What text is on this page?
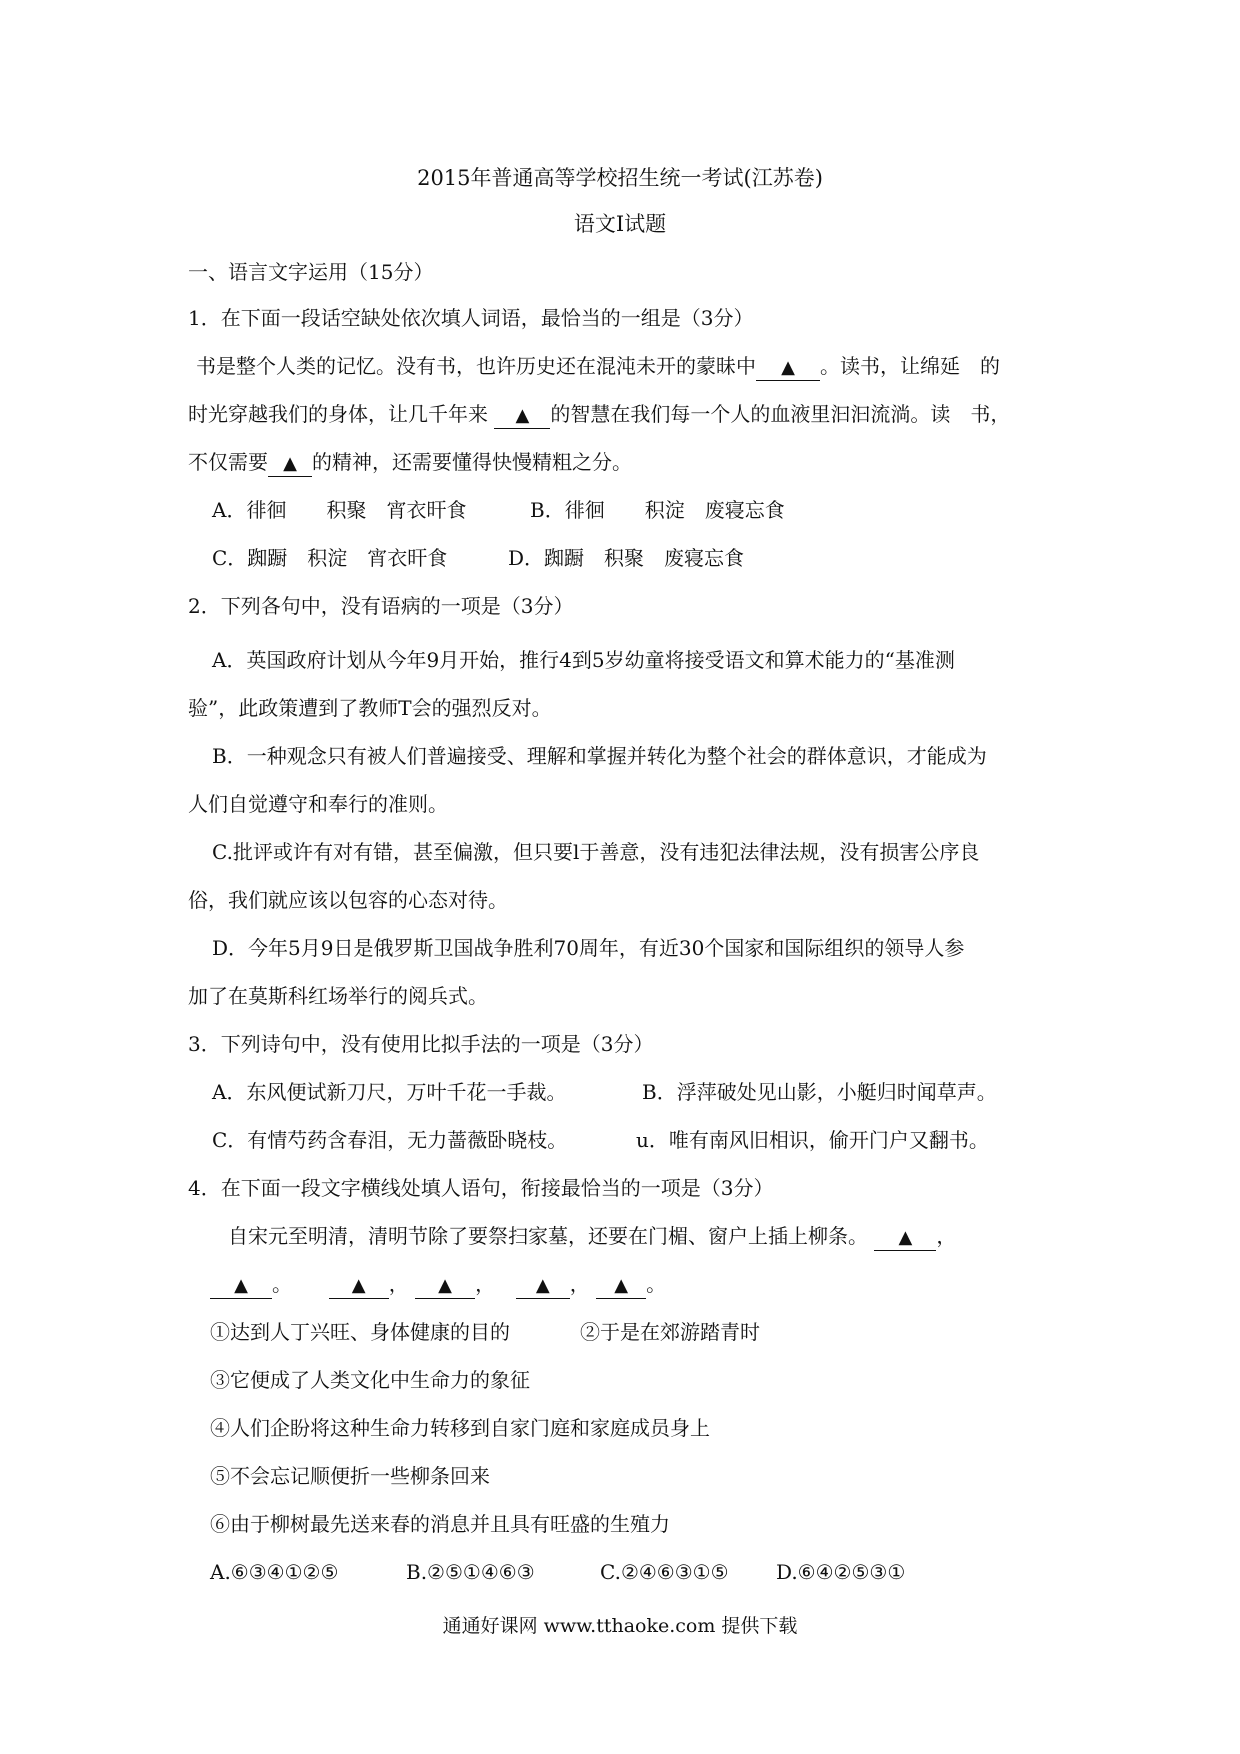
2015年普通高等学校招生统一考试(江苏卷)
语文Ⅰ试题
一、语言文字运用（15分）
1．在下面一段话空缺处依次填人词语，最恰当的一组是（3分）
书是整个人类的记忆。没有书，也许历史还在混沌未开的蒙昧中 ▲ 。读书，让绵延　的
时光穿越我们的身体，让几千年来 ▲ 的智慧在我们每一个人的血液里汩汩流淌。读　书，
不仅需要 ▲ 的精神，还需要懂得快慢精粗之分。
A．徘徊　　积聚　宵衣旰食	B．徘徊　　积淀　废寝忘食
C．踟蹰　积淀　宵衣旰食	D．踟蹰　积聚　废寝忘食
2．下列各句中，没有语病的一项是（3分）
A．英国政府计划从今年9月开始，推行4到5岁幼童将接受语文和算术能力的“基准测
验”，此政策遭到了教师T会的强烈反对。
B．一种观念只有被人们普遍接受、理解和掌握并转化为整个社会的群体意识，才能成为
人们自觉遵守和奉行的准则。
C.批评或许有对有错，甚至偏激，但只要l于善意，没有违犯法律法规，没有损害公序良
俗，我们就应该以包容的心态对待。
D．今年5月9日是俄罗斯卫国战争胜利70周年，有近30个国家和国际组织的领导人参
加了在莫斯科红场举行的阅兵式。
3．下列诗句中，没有使用比拟手法的一项是（3分）
A．东风便试新刀尺，万叶千花一手裁。	B．浮萍破处见山影，小艇归时闻草声。
C．有情芍药含春泪，无力蔷薇卧晓枝。	u．唯有南风旧相识，偷开门户又翻书。
4．在下面一段文字横线处填人语句，衔接最恰当的一项是（3分）
自宋元至明清，清明节除了要祭扫家墓，还要在门楣、窗户上插上柳条。 ▲ ，
▲ 。	▲ ， ▲ ， ▲ ， ▲ 。
①达到人丁兴旺、身体健康的目的	②于是在郊游踏青时
③它便成了人类文化中生命力的象征
④人们企盼将这种生命力转移到自家门庭和家庭成员身上
⑤不会忘记顺便折一些柳条回来
⑥由于柳树最先送来春的消息并且具有旺盛的生殖力
A.⑥③④①②⑤	B.②⑤①④⑥③	C.②④⑥③①⑤ D.⑥④②⑤③①
通通好课网 www.tthaoke.com 提供下载
